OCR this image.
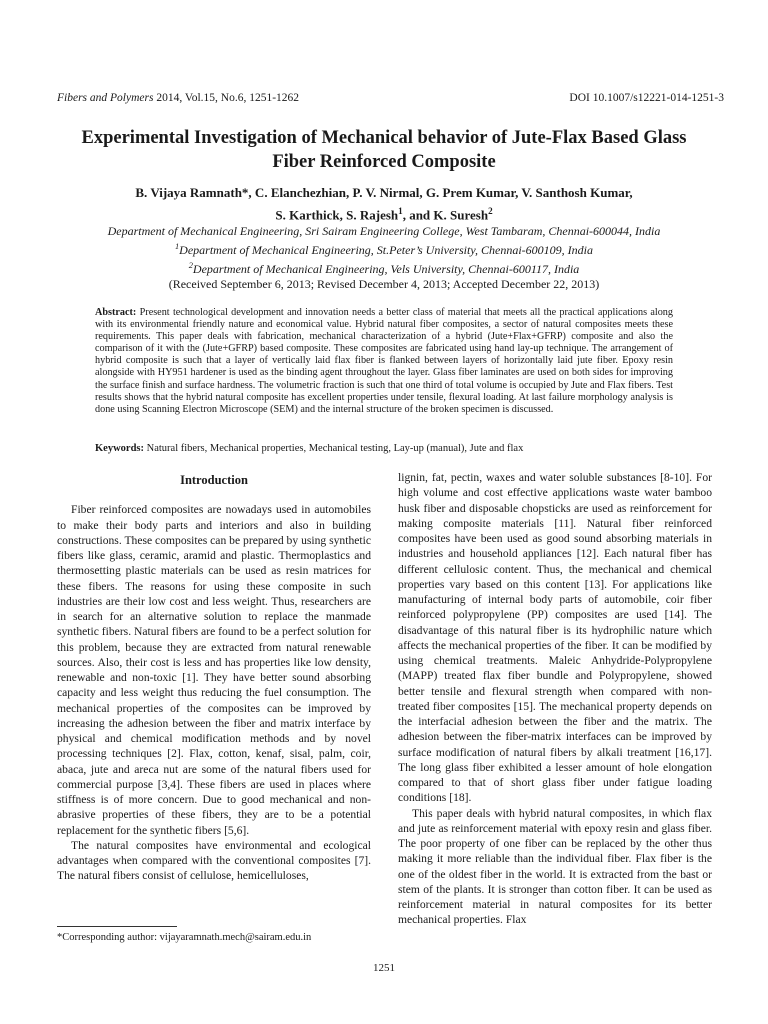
Fibers and Polymers 2014, Vol.15, No.6, 1251-1262	DOI 10.1007/s12221-014-1251-3
Experimental Investigation of Mechanical behavior of Jute-Flax Based Glass Fiber Reinforced Composite
B. Vijaya Ramnath*, C. Elanchezhian, P. V. Nirmal, G. Prem Kumar, V. Santhosh Kumar,
S. Karthick, S. Rajesh$^1$, and K. Suresh$^2$
Department of Mechanical Engineering, Sri Sairam Engineering College, West Tambaram, Chennai-600044, India
$^1$Department of Mechanical Engineering, St.Peter’s University, Chennai-600109, India
$^2$Department of Mechanical Engineering, Vels University, Chennai-600117, India
(Received September 6, 2013; Revised December 4, 2013; Accepted December 22, 2013)
Abstract: Present technological development and innovation needs a better class of material that meets all the practical applications along with its environmental friendly nature and economical value. Hybrid natural fiber composites, a sector of natural composites meets these requirements. This paper deals with fabrication, mechanical characterization of a hybrid (Jute+Flax+GFRP) composite and also the comparison of it with the (Jute+GFRP) based composite. These composites are fabricated using hand lay-up technique. The arrangement of hybrid composite is such that a layer of vertically laid flax fiber is flanked between layers of horizontally laid jute fiber. Epoxy resin alongside with HY951 hardener is used as the binding agent throughout the layer. Glass fiber laminates are used on both sides for improving the surface finish and surface hardness. The volumetric fraction is such that one third of total volume is occupied by Jute and Flax fibers. Test results shows that the hybrid natural composite has excellent properties under tensile, flexural loading. At last failure morphology analysis is done using Scanning Electron Microscope (SEM) and the internal structure of the broken specimen is discussed.
Keywords: Natural fibers, Mechanical properties, Mechanical testing, Lay-up (manual), Jute and flax
Introduction

Fiber reinforced composites are nowadays used in automobiles to make their body parts and interiors and also in building constructions. These composites can be prepared by using synthetic fibers like glass, ceramic, aramid and plastic. Thermoplastics and thermosetting plastic materials can be used as resin matrices for these fibers. The reasons for using these composite in such industries are their low cost and less weight. Thus, researchers are in search for an alternative solution to replace the manmade synthetic fibers. Natural fibers are found to be a perfect solution for this problem, because they are extracted from natural renewable sources. Also, their cost is less and has properties like low density, renewable and non-toxic [1]. They have better sound absorbing capacity and less weight thus reducing the fuel consumption. The mechanical properties of the composites can be improved by increasing the adhesion between the fiber and matrix interface by physical and chemical modification methods and by novel processing techniques [2]. Flax, cotton, kenaf, sisal, palm, coir, abaca, jute and areca nut are some of the natural fibers used for commercial purpose [3,4]. These fibers are used in places where stiffness is of more concern. Due to good mechanical and non-abrasive properties of these fibers, they are to be a potential replacement for the synthetic fibers [5,6].

The natural composites have environmental and ecological advantages when compared with the conventional composites [7]. The natural fibers consist of cellulose, hemicelluloses,

lignin, fat, pectin, waxes and water soluble substances [8-10]. For high volume and cost effective applications waste water bamboo husk fiber and disposable chopsticks are used as reinforcement for making composite materials [11]. Natural fiber reinforced composites have been used as good sound absorbing materials in industries and household appliances [12]. Each natural fiber has different cellulosic content. Thus, the mechanical and chemical properties vary based on this content [13]. For applications like manufacturing of internal body parts of automobile, coir fiber reinforced polypropylene (PP) composites are used [14]. The disadvantage of this natural fiber is its hydrophilic nature which affects the mechanical properties of the fiber. It can be modified by using chemical treatments. Maleic Anhydride-Polypropylene (MAPP) treated flax fiber bundle and Polypropylene, showed better tensile and flexural strength when compared with non-treated fiber composites [15]. The mechanical property depends on the interfacial adhesion between the fiber and the matrix. The adhesion between the fiber-matrix interfaces can be improved by surface modification of natural fibers by alkali treatment [16,17]. The long glass fiber exhibited a lesser amount of hole elongation compared to that of short glass fiber under fatigue loading conditions [18].

This paper deals with hybrid natural composites, in which flax and jute as reinforcement material with epoxy resin and glass fiber. The poor property of one fiber can be replaced by the other thus making it more reliable than the individual fiber. Flax fiber is the one of the oldest fiber in the world. It is extracted from the bast or stem of the plants. It is stronger than cotton fiber. It can be used as reinforcement material in natural composites for its better mechanical properties. Flax

*Corresponding author: vijayaramnath.mech@sairam.edu.in
1251
